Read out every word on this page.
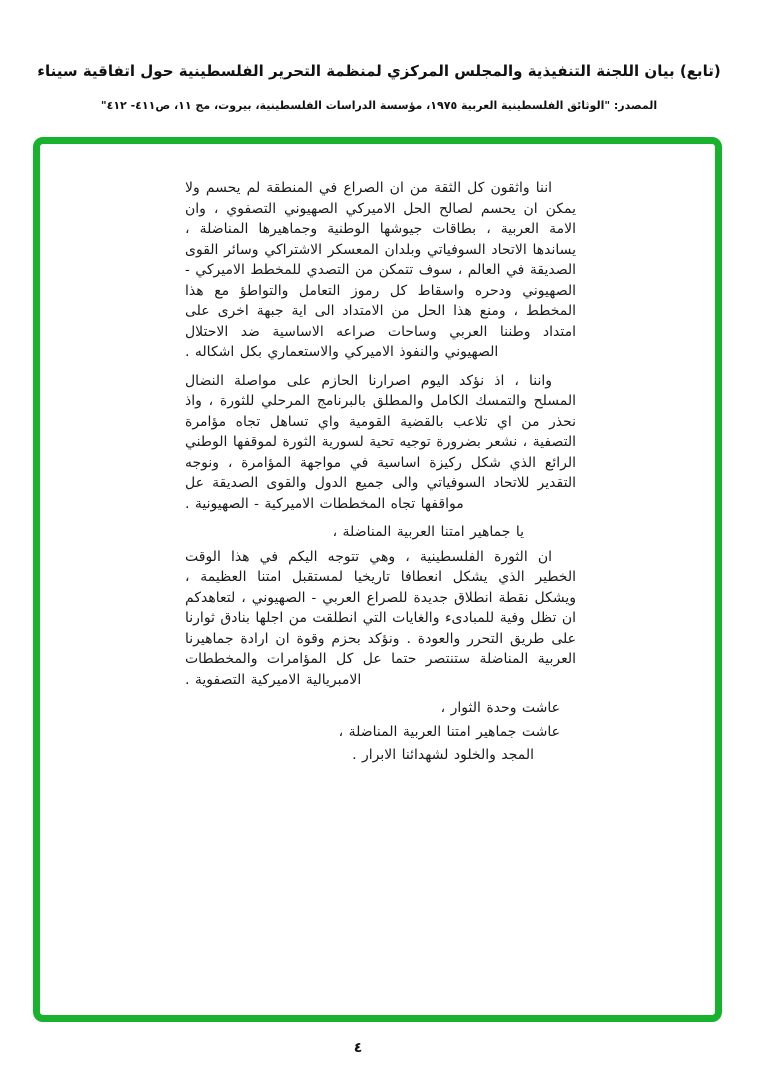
(تابع) بيان اللجنة التنفيذية والمجلس المركزي لمنظمة التحرير الفلسطينية حول اتفاقية سيناء
المصدر: "الوثائق الفلسطينية العربية ١٩٧٥، مؤسسة الدراسات الفلسطينية، بيروت، مج ١١، ص٤١١- ٤١٢"

اننا واثقون كل الثقة من ان الصراع في المنطقة لم يحسم ولا يمكن ان يحسم لصالح الحل الاميركي الصهيوني التصفوي ، وان الامة العربية ، بطاقات جيوشها الوطنية وجماهيرها المناضلة ، يساندها الاتحاد السوفياتي وبلدان المعسكر الاشتراكي وسائر القوى الصديقة في العالم ، سوف تتمكن من التصدي للمخطط الاميركي - الصهيوني ودحره واسقاط كل رموز التعامل والتواطؤ مع هذا المخطط ، ومنع هذا الحل من الامتداد الى اية جبهة اخرى على امتداد وطننا العربي وساحات صراعه الاساسية ضد الاحتلال الصهيوني والنفوذ الاميركي والاستعماري بكل اشكاله .

واننا ، اذ نؤكد اليوم اصرارنا الحازم على مواصلة النضال المسلح والتمسك الكامل والمطلق بالبرنامج المرحلي للثورة ، واذ نحذر من اي تلاعب بالقضية القومية واي تساهل تجاه مؤامرة التصفية ، نشعر بضرورة توجيه تحية لسورية الثورة لموقفها الوطني الرائع الذي شكل ركيزة اساسية في مواجهة المؤامرة ، ونوجه التقدير للاتحاد السوفياتي والى جميع الدول والقوى الصديقة عل مواقفها تجاه المخططات الاميركية - الصهيونية .

يا جماهير امتنا العربية المناضلة ،

ان الثورة الفلسطينية ، وهي تتوجه اليكم في هذا الوقت الخطير الذي يشكل انعطافا تاريخيا لمستقبل امتنا العظيمة ، ويشكل نقطة انطلاق جديدة للصراع العربي - الصهيوني ، لتعاهدكم ان تظل وفية للمبادىء والغايات التي انطلقت من اجلها بنادق ثوارنا على طريق التحرر والعودة . ونؤكد بحزم وقوة ان ارادة جماهيرنا العربية المناضلة ستنتصر حتما عل كل المؤامرات والمخططات الامبريالية الاميركية التصفوية .

عاشت وحدة الثوار ،

عاشت جماهير امتنا العربية المناضلة ،

المجد والخلود لشهدائنا الابرار .

٤
